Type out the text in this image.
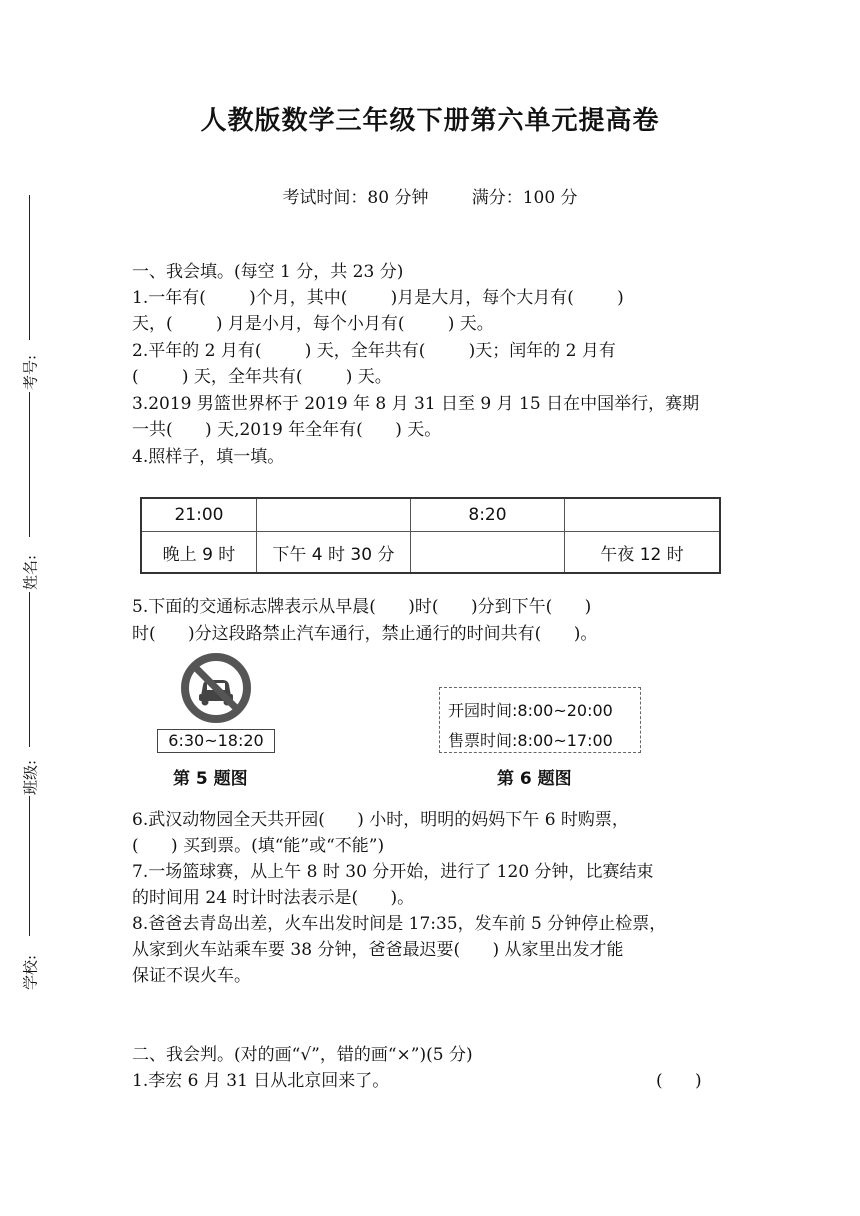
人教版数学三年级下册第六单元提高卷
考试时间：80 分钟        满分：100 分
考号:
姓名:
班级:
学校:
一、我会填。(每空 1 分，共 23 分)
1.一年有(        )个月，其中(        )月是大月，每个大月有(        )
天，(        ) 月是小月，每个小月有(        ) 天。
2.平年的 2 月有(        ) 天，全年共有(        )天；闰年的 2 月有
(        ) 天，全年共有(        ) 天。
3.2019 男篮世界杯于 2019 年 8 月 31 日至 9 月 15 日在中国举行，赛期
一共(      ) 天,2019 年全年有(      ) 天。
4.照样子，填一填。
21:00		8:20	
晚上 9 时	下午 4 时 30 分		午夜 12 时
5.下面的交通标志牌表示从早晨(      )时(      )分到下午(      )
时(      )分这段路禁止汽车通行，禁止通行的时间共有(      )。
6:30~18:20
第 5 题图
开园时间:8:00~20:00
售票时间:8:00~17:00
第 6 题图
6.武汉动物园全天共开园(      ) 小时，明明的妈妈下午 6 时购票，
(      ) 买到票。(填“能”或“不能”)
7.一场篮球赛，从上午 8 时 30 分开始，进行了 120 分钟，比赛结束
的时间用 24 时计时法表示是(      )。
8.爸爸去青岛出差，火车出发时间是 17:35，发车前 5 分钟停止检票，
从家到火车站乘车要 38 分钟，爸爸最迟要(      ) 从家里出发才能
保证不误火车。
二、我会判。(对的画“√”，错的画“×”)(5 分)
1.李宏 6 月 31 日从北京回来了。	(      )
